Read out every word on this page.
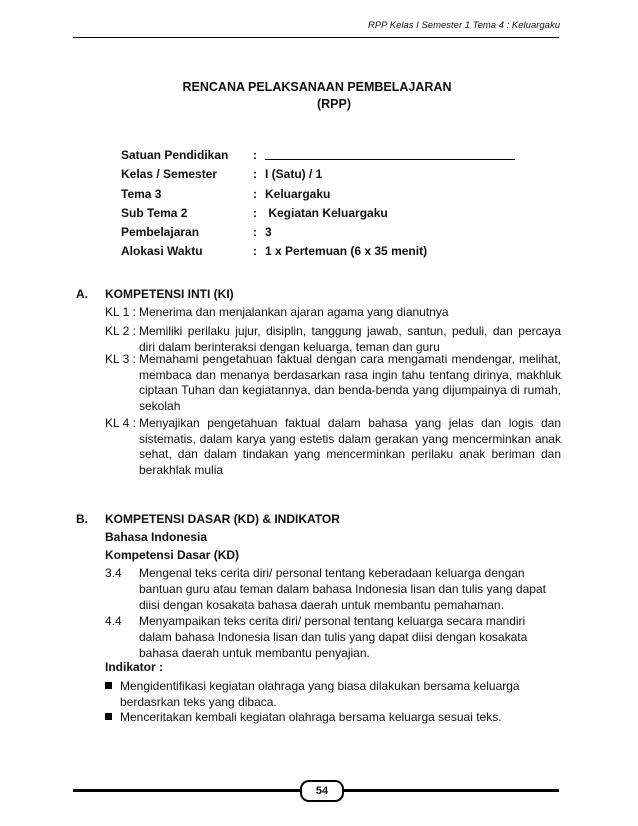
RPP Kelas I Semester 1 Tema 4 : Keluargaku
RENCANA PELAKSANAAN PEMBELAJARAN
(RPP)
Satuan Pendidikan	:
Kelas / Semester	: I (Satu) / 1
Tema 3	: Keluargaku
Sub Tema 2	: Kegiatan Keluargaku
Pembelajaran	: 3
Alokasi Waktu	: 1 x Pertemuan (6 x 35 menit)
A.	KOMPETENSI INTI (KI)
KL 1 : Menerima dan menjalankan ajaran agama yang dianutnya
KL 2 : Memiliki perilaku jujur, disiplin, tanggung jawab, santun, peduli, dan percaya diri dalam berinteraksi dengan keluarga, teman dan guru
KL 3 : Memahami pengetahuan faktual dengan cara mengamati mendengar, melihat, membaca dan menanya berdasarkan rasa ingin tahu tentang dirinya, makhluk ciptaan Tuhan dan kegiatannya, dan benda-benda yang dijumpainya di rumah, sekolah
KL 4 : Menyajikan pengetahuan faktual dalam bahasa yang jelas dan logis dan sistematis, dalam karya yang estetis dalam gerakan yang mencerminkan anak sehat, dan dalam tindakan yang mencerminkan perilaku anak beriman dan berakhlak mulia
B.	KOMPETENSI DASAR (KD) & INDIKATOR
Bahasa Indonesia
Kompetensi Dasar (KD)
3.4	Mengenal teks cerita diri/ personal tentang keberadaan keluarga dengan bantuan guru atau teman dalam bahasa Indonesia lisan dan tulis yang dapat diisi dengan kosakata bahasa daerah untuk membantu pemahaman.
4.4	Menyampaikan teks cerita diri/ personal tentang keluarga secara mandiri dalam bahasa Indonesia lisan dan tulis yang dapat diisi dengan kosakata bahasa daerah untuk membantu penyajian.
Indikator :
Mengidentifikasi kegiatan olahraga yang biasa dilakukan bersama keluarga berdasrkan teks yang dibaca.
Menceritakan kembali kegiatan olahraga bersama keluarga sesuai teks.
54
